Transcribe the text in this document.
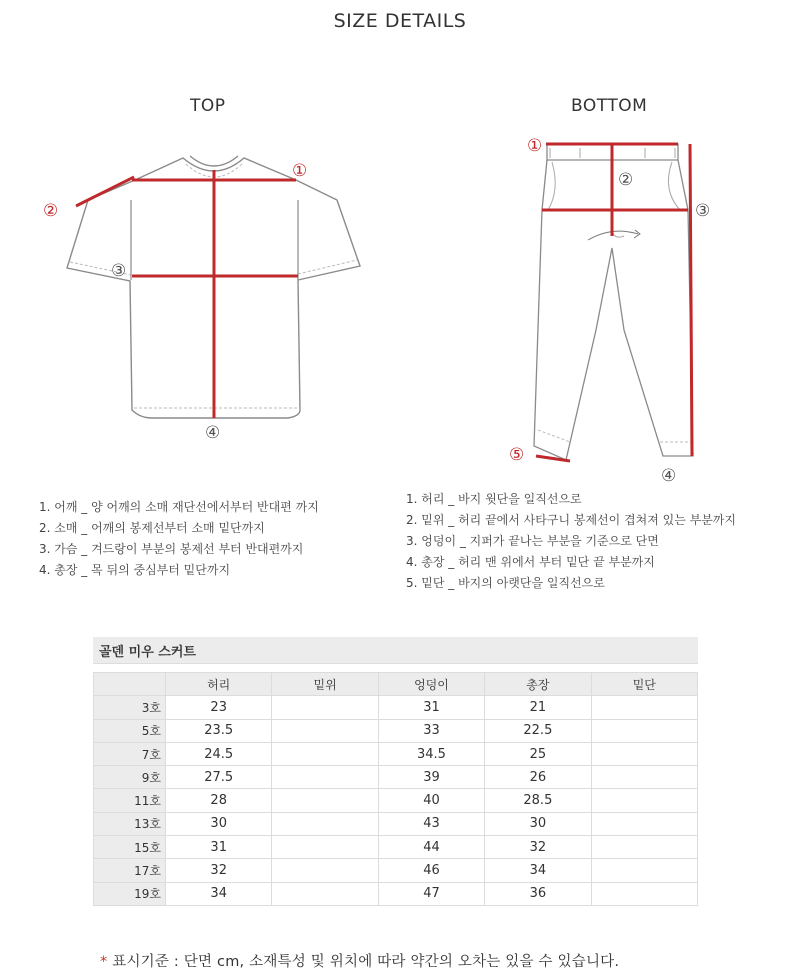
SIZE DETAILS
TOP
①
②
③
④
BOTTOM
①
②
③
④
⑤
1. 어깨 _ 양 어깨의 소매 재단선에서부터 반대편 까지
2. 소매 _ 어깨의 봉제선부터 소매 밑단까지
3. 가슴 _ 겨드랑이 부분의 봉제선 부터 반대편까지
4. 총장 _ 목 뒤의 중심부터 밑단까지
1. 허리 _ 바지 윗단을 일직선으로
2. 밑위 _ 허리 끝에서 사타구니 봉제선이 겹쳐져 있는 부분까지
3. 엉덩이 _ 지퍼가 끝나는 부분을 기준으로 단면
4. 총장 _ 허리 맨 위에서 부터 밑단 끝 부분까지
5. 밑단 _ 바지의 아랫단을 일직선으로
골덴 미우 스커트
	허리	밑위	엉덩이	총장	밑단
3호	23		31	21	
5호	23.5		33	22.5	
7호	24.5		34.5	25	
9호	27.5		39	26	
11호	28		40	28.5	
13호	30		43	30	
15호	31		44	32	
17호	32		46	34	
19호	34		47	36	
* 표시기준 : 단면 cm, 소재특성 및 위치에 따라 약간의 오차는 있을 수 있습니다.
